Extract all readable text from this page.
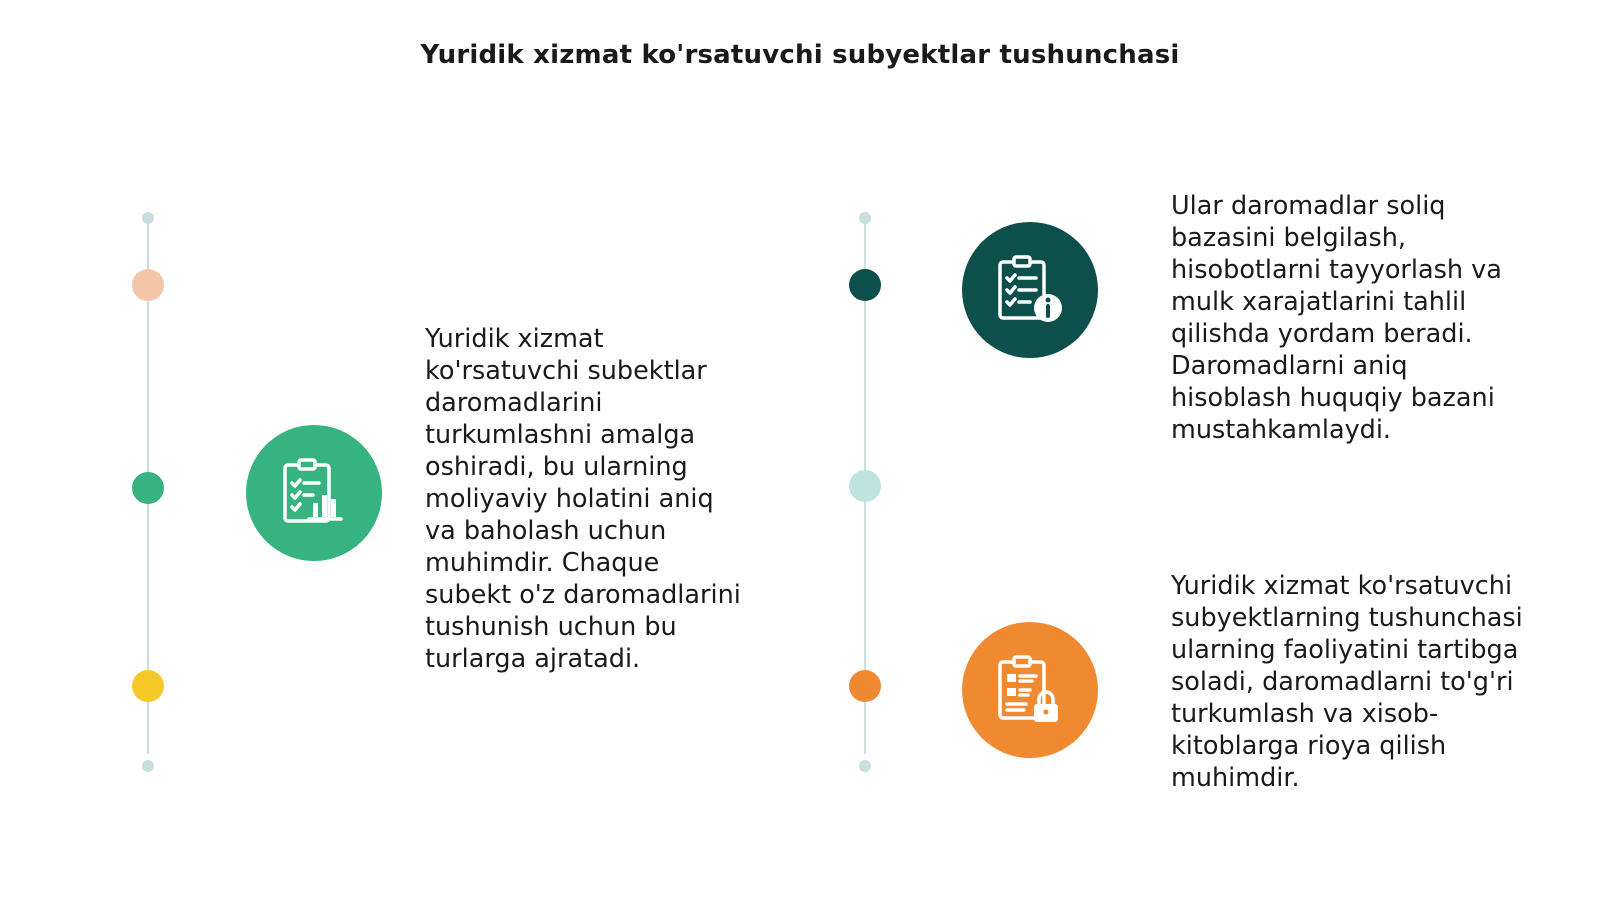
Yuridik xizmat ko'rsatuvchi subyektlar tushunchasi
Yuridik xizmat ko'rsatuvchi subektlar daromadlarini turkumlashni amalga oshiradi, bu ularning moliyaviy holatini aniq va baholash uchun muhimdir. Chaque subekt o'z daromadlarini tushunish uchun bu turlarga ajratadi.
Ular daromadlar soliq bazasini belgilash, hisobotlarni tayyorlash va mulk xarajatlarini tahlil qilishda yordam beradi. Daromadlarni aniq hisoblash huquqiy bazani mustahkamlaydi.
Yuridik xizmat ko'rsatuvchi subyektlarning tushunchasi ularning faoliyatini tartibga soladi, daromadlarni to'g'ri turkumlash va xisob-kitoblarga rioya qilish muhimdir.
